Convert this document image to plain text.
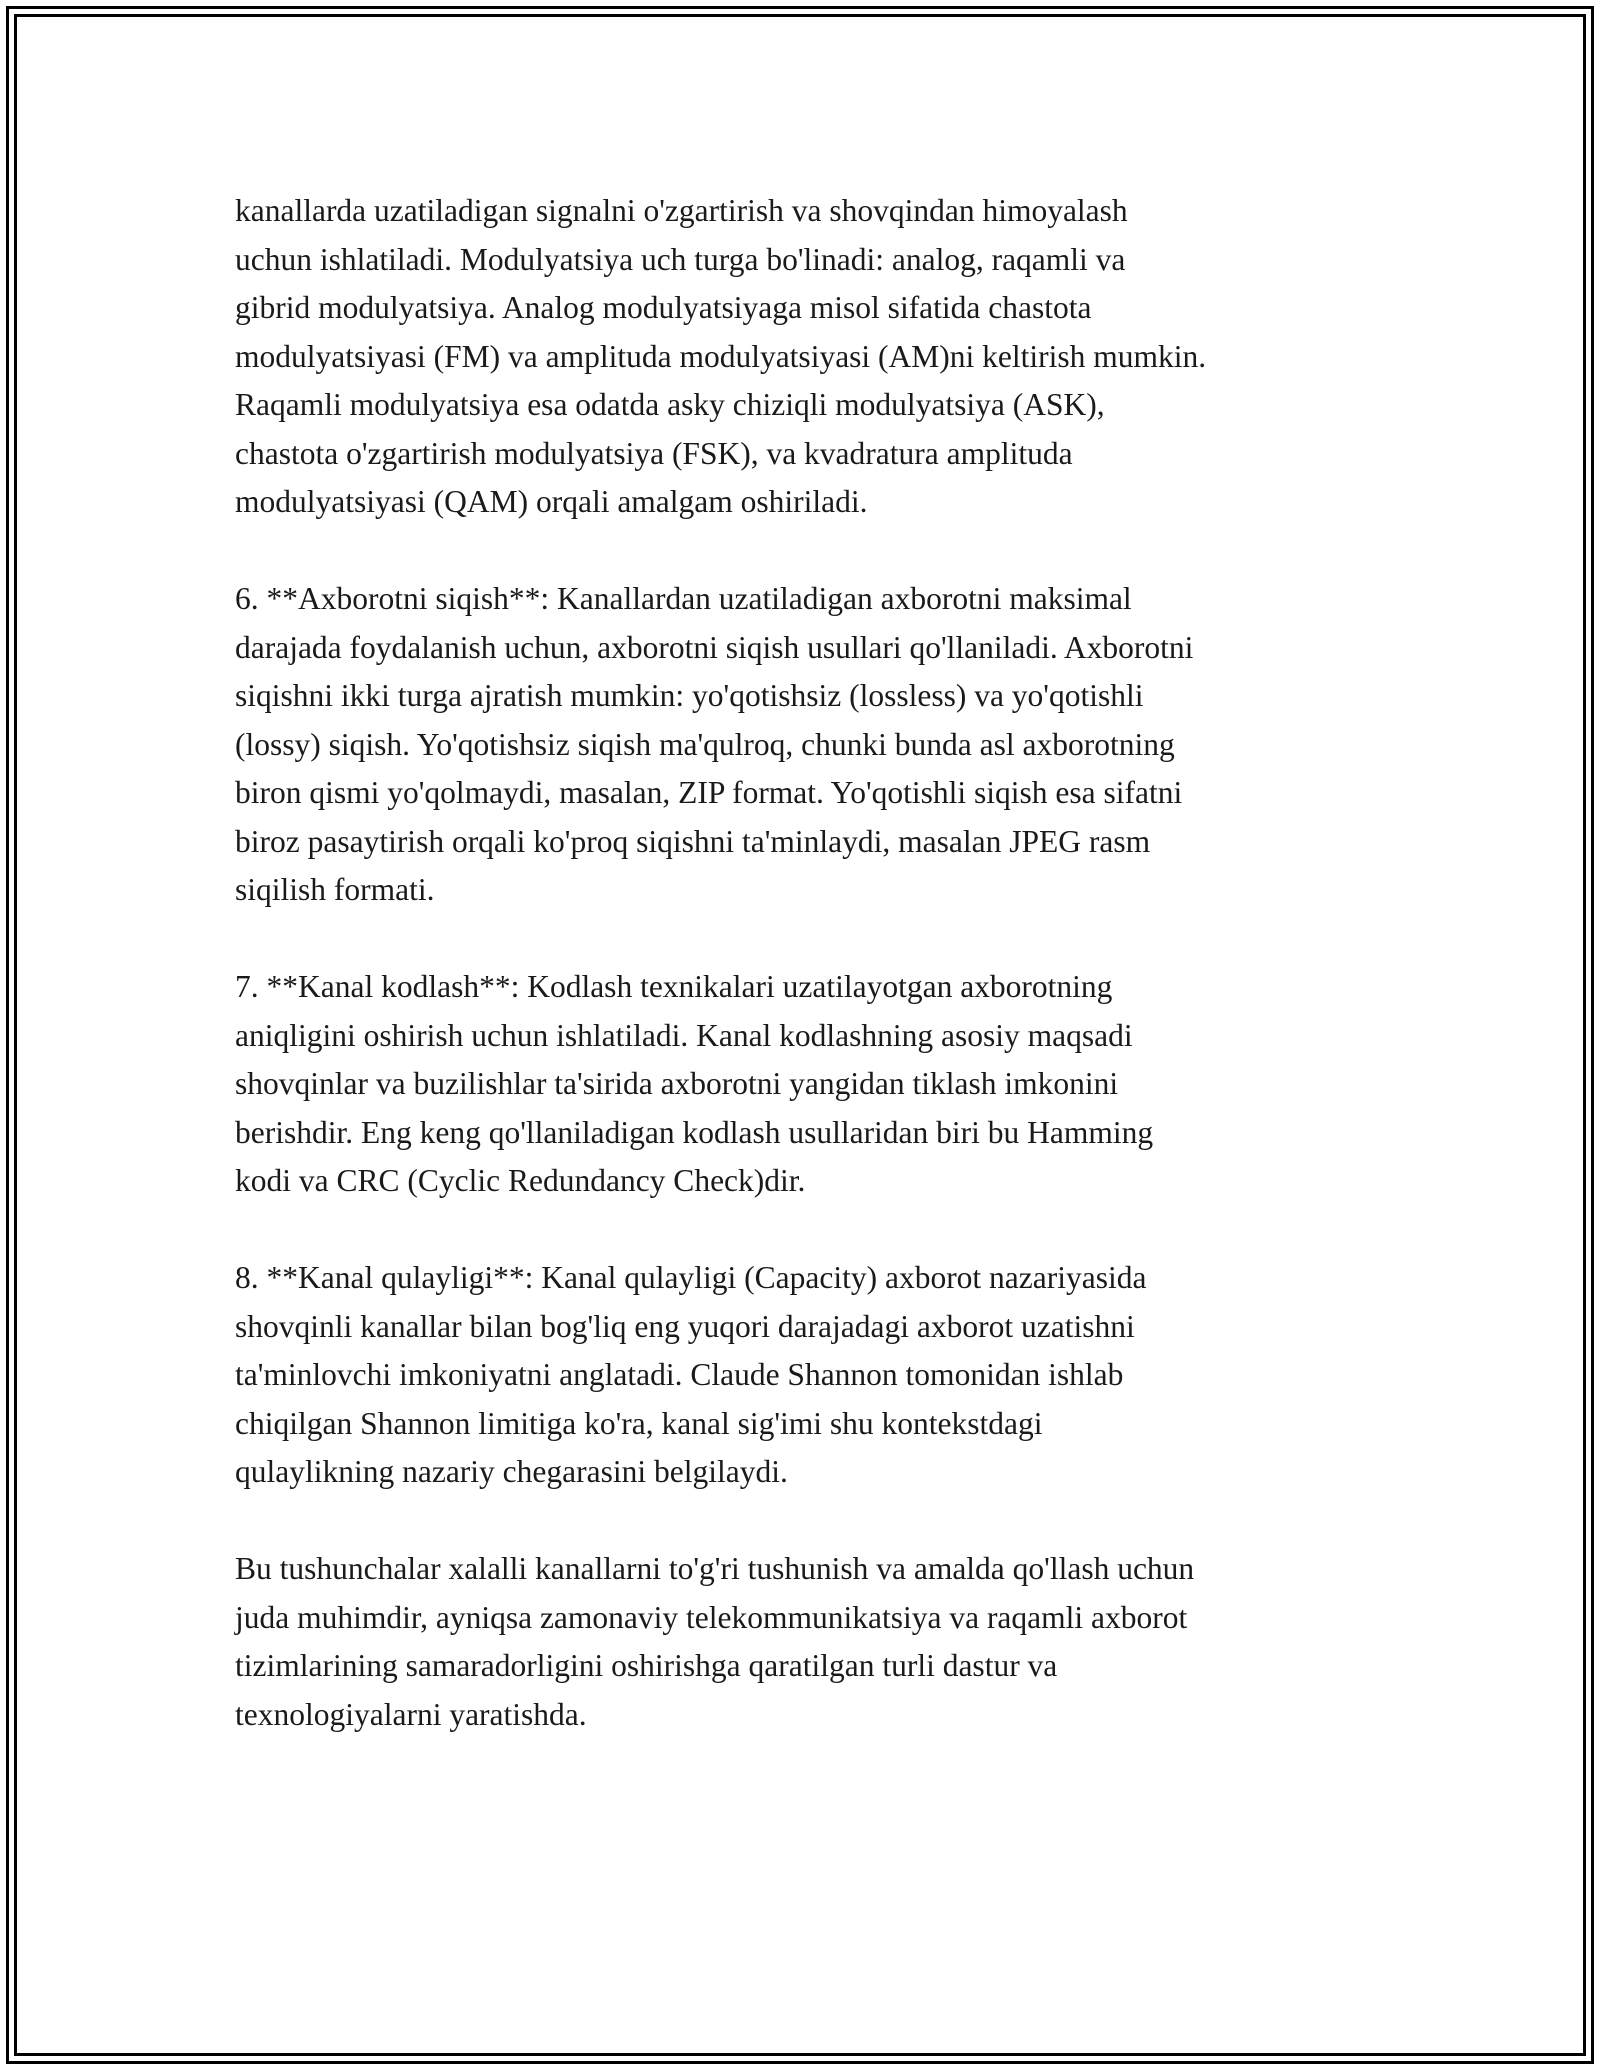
kanallarda uzatiladigan signalni o'zgartirish va shovqindan himoyalash
uchun ishlatiladi. Modulyatsiya uch turga bo'linadi: analog, raqamli va
gibrid modulyatsiya. Analog modulyatsiyaga misol sifatida chastota
modulyatsiyasi (FM) va amplituda modulyatsiyasi (AM)ni keltirish mumkin.
Raqamli modulyatsiya esa odatda asky chiziqli modulyatsiya (ASK),
chastota o'zgartirish modulyatsiya (FSK), va kvadratura amplituda
modulyatsiyasi (QAM) orqali amalgam oshiriladi.

6. **Axborotni siqish**: Kanallardan uzatiladigan axborotni maksimal
darajada foydalanish uchun, axborotni siqish usullari qo'llaniladi. Axborotni
siqishni ikki turga ajratish mumkin: yo'qotishsiz (lossless) va yo'qotishli
(lossy) siqish. Yo'qotishsiz siqish ma'qulroq, chunki bunda asl axborotning
biron qismi yo'qolmaydi, masalan, ZIP format. Yo'qotishli siqish esa sifatni
biroz pasaytirish orqali ko'proq siqishni ta'minlaydi, masalan JPEG rasm
siqilish formati.

7. **Kanal kodlash**: Kodlash texnikalari uzatilayotgan axborotning
aniqligini oshirish uchun ishlatiladi. Kanal kodlashning asosiy maqsadi
shovqinlar va buzilishlar ta'sirida axborotni yangidan tiklash imkonini
berishdir. Eng keng qo'llaniladigan kodlash usullaridan biri bu Hamming
kodi va CRC (Cyclic Redundancy Check)dir.

8. **Kanal qulayligi**: Kanal qulayligi (Capacity) axborot nazariyasida
shovqinli kanallar bilan bog'liq eng yuqori darajadagi axborot uzatishni
ta'minlovchi imkoniyatni anglatadi. Claude Shannon tomonidan ishlab
chiqilgan Shannon limitiga ko'ra, kanal sig'imi shu kontekstdagi
qulaylikning nazariy chegarasini belgilaydi.

Bu tushunchalar xalalli kanallarni to'g'ri tushunish va amalda qo'llash uchun
juda muhimdir, ayniqsa zamonaviy telekommunikatsiya va raqamli axborot
tizimlarining samaradorligini oshirishga qaratilgan turli dastur va
texnologiyalarni yaratishda.
